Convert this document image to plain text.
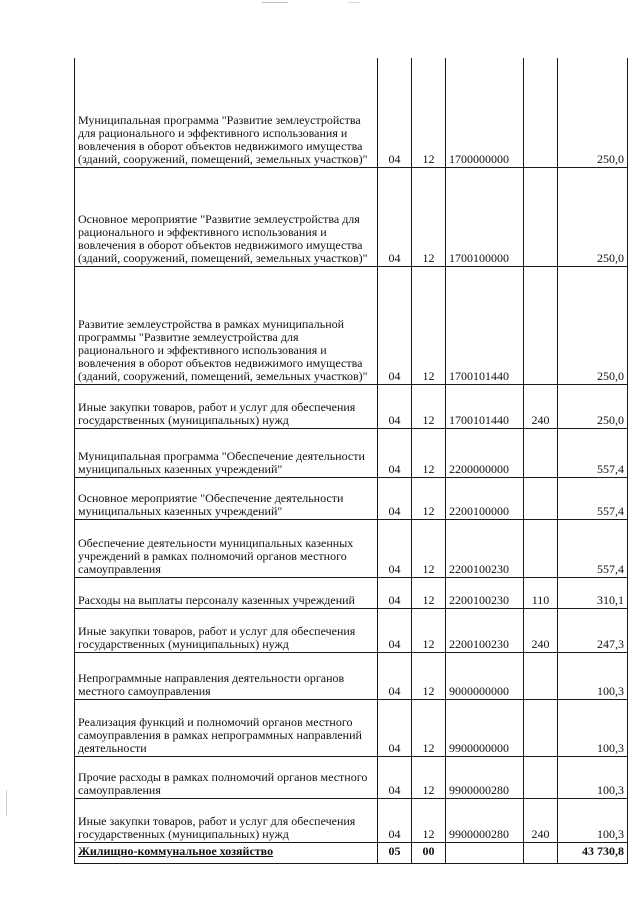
Муниципальная программа "Развитие землеустройства для рационального и эффективного использования и вовлечения в оборот объектов недвижимого имущества (зданий, сооружений, помещений, земельных участков)"	04	12	1700000000		250,0
Основное мероприятие "Развитие землеустройства для рационального и эффективного использования и вовлечения в оборот объектов недвижимого имущества (зданий, сооружений, помещений, земельных участков)"	04	12	1700100000		250,0
Развитие землеустройства в рамках муниципальной программы "Развитие землеустройства для рационального и эффективного использования и вовлечения в оборот объектов недвижимого имущества (зданий, сооружений, помещений, земельных участков)"	04	12	1700101440		250,0
Иные закупки товаров, работ и услуг для обеспечения государственных (муниципальных) нужд	04	12	1700101440	240	250,0
Муниципальная программа "Обеспечение деятельности муниципальных казенных учреждений"	04	12	2200000000		557,4
Основное мероприятие "Обеспечение деятельности муниципальных казенных учреждений"	04	12	2200100000		557,4
Обеспечение деятельности муниципальных казенных учреждений в рамках полномочий органов местного самоуправления	04	12	2200100230		557,4
Расходы на выплаты персоналу казенных учреждений	04	12	2200100230	110	310,1
Иные закупки товаров, работ и услуг для обеспечения государственных (муниципальных) нужд	04	12	2200100230	240	247,3
Непрограммные направления деятельности органов местного самоуправления	04	12	9000000000		100,3
Реализация функций и полномочий органов местного самоуправления в рамках непрограммных направлений деятельности	04	12	9900000000		100,3
Прочие расходы в рамках полномочий органов местного самоуправления	04	12	9900000280		100,3
Иные закупки товаров, работ и услуг для обеспечения государственных (муниципальных) нужд	04	12	9900000280	240	100,3
Жилищно-коммунальное хозяйство	05	00			43 730,8
